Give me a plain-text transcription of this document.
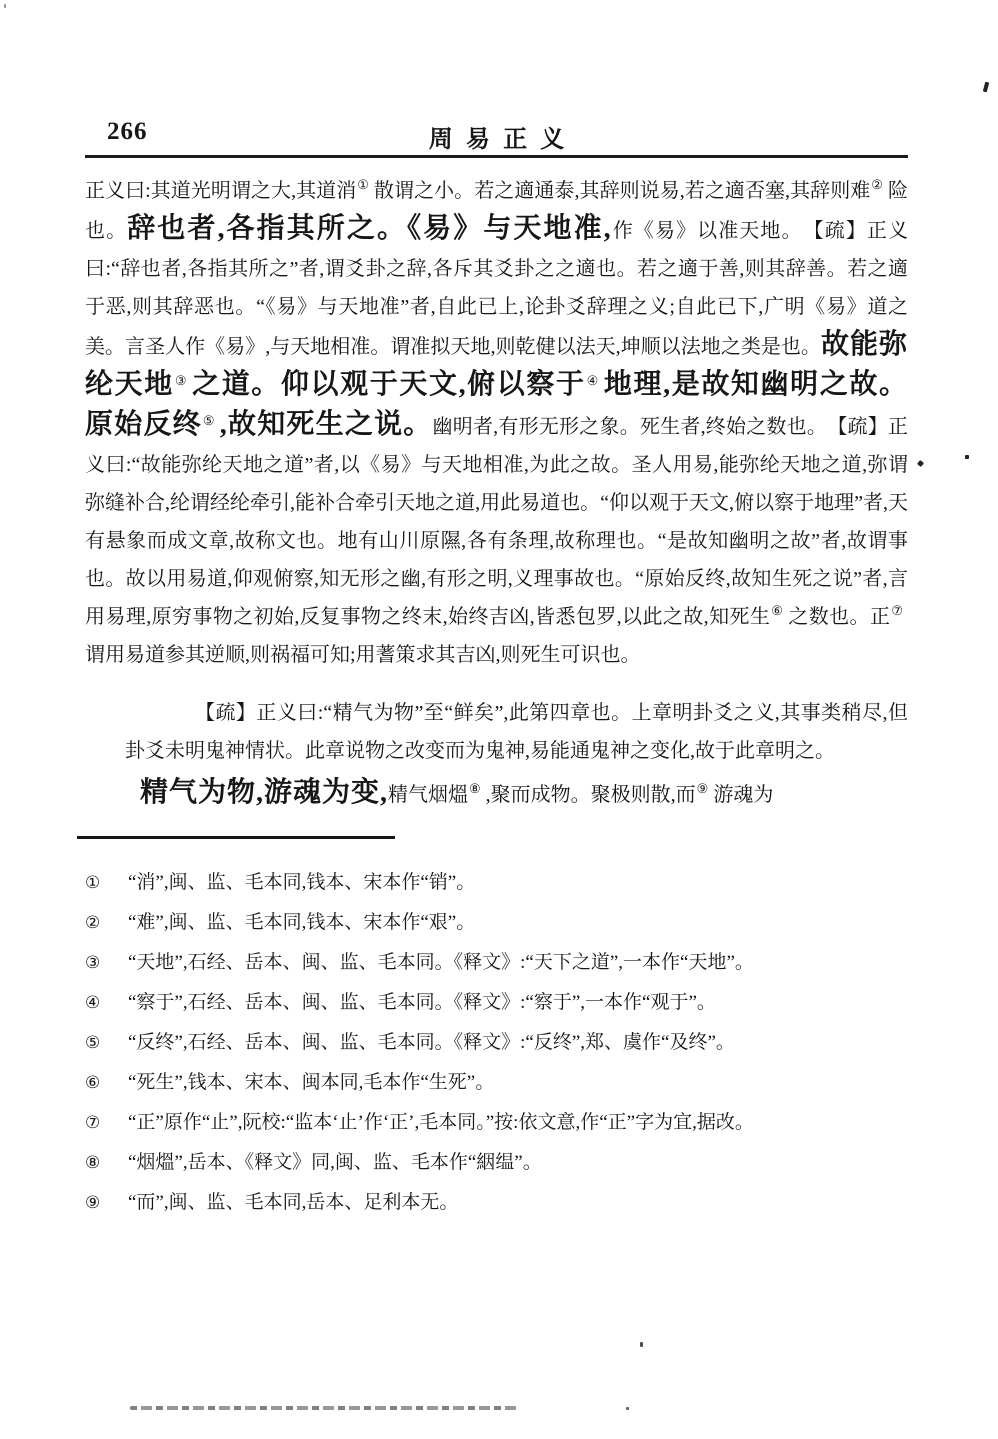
266	周易正义

正义曰:其道光明谓之大,其道消① 散谓之小。若之適通泰,其辞则说易,若之適否塞,其辞则难② 险也。辞也者,各指其所之。《易》与天地准,作《易》以准天地。　【疏】正义曰:“辞也者,各指其所之”者,谓爻卦之辞,各斥其爻卦之之適也。若之適于善,则其辞善。若之適于恶,则其辞恶也。“《易》与天地准”者,自此已上,论卦爻辞理之义;自此已下,广明《易》道之美。言圣人作《易》,与天地相准。谓准拟天地,则乾健以法天,坤顺以法地之类是也。故能弥纶天地③ 之道。仰以观于天文,俯以察于④ 地理,是故知幽明之故。原始反终⑤ ,故知死生之说。幽明者,有形无形之象。死生者,终始之数也。　【疏】正义曰:“故能弥纶天地之道”者,以《易》与天地相准,为此之故。圣人用易,能弥纶天地之道,弥谓弥缝补合,纶谓经纶牵引,能补合牵引天地之道,用此易道也。“仰以观于天文,俯以察于地理”者,天有悬象而成文章,故称文也。地有山川原隰,各有条理,故称理也。“是故知幽明之故”者,故谓事也。故以用易道,仰观俯察,知无形之幽,有形之明,义理事故也。“原始反终,故知生死之说”者,言用易理,原穷事物之初始,反复事物之终末,始终吉凶,皆悉包罗,以此之故,知死生⑥ 之数也。正⑦谓用易道参其逆顺,则祸福可知;用蓍策求其吉凶,则死生可识也。

【疏】正义曰:“精气为物”至“鲜矣”,此第四章也。上章明卦爻之义,其事类稍尽,但卦爻未明鬼神情状。此章说物之改变而为鬼神,易能通鬼神之变化,故于此章明之。

精气为物,游魂为变,精气烟熅⑧ ,聚而成物。聚极则散,而⑨ 游魂为

①	“消”,闽、监、毛本同,钱本、宋本作“销”。
②	“难”,闽、监、毛本同,钱本、宋本作“艰”。
③	“天地”,石经、岳本、闽、监、毛本同。《释文》:“天下之道”,一本作“天地”。
④	“察于”,石经、岳本、闽、监、毛本同。《释文》:“察于”,一本作“观于”。
⑤	“反终”,石经、岳本、闽、监、毛本同。《释文》:“反终”,郑、虞作“及终”。
⑥	“死生”,钱本、宋本、闽本同,毛本作“生死”。
⑦	“正”原作“止”,阮校:“监本‘止’作‘正’,毛本同。”按:依文意,作“正”字为宜,据改。
⑧	“烟熅”,岳本、《释文》同,闽、监、毛本作“絪缊”。
⑨	“而”,闽、监、毛本同,岳本、足利本无。
